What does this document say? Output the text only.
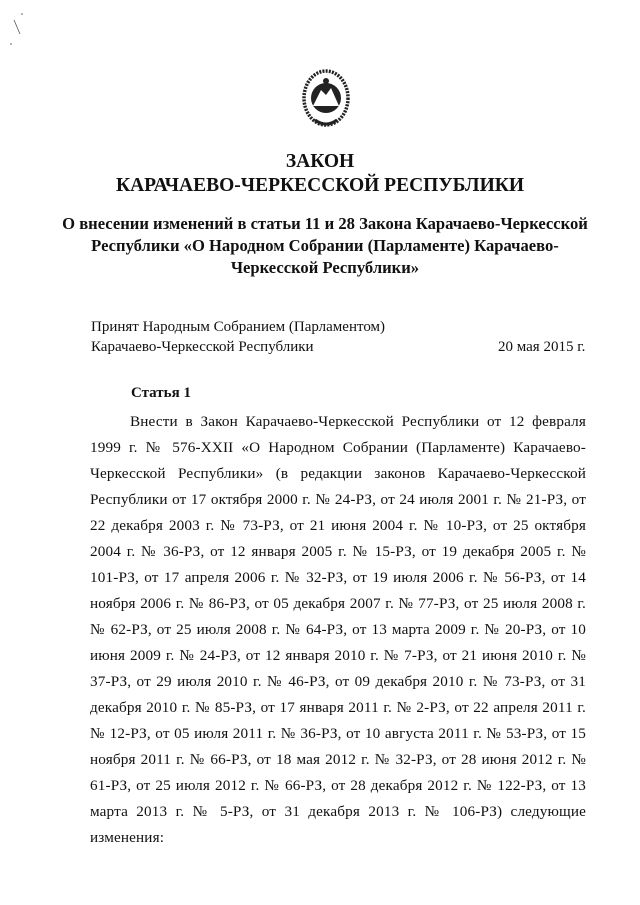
ЗАКОН
КАРАЧАЕВО-ЧЕРКЕССКОЙ РЕСПУБЛИКИ
О внесении изменений в статьи 11 и 28 Закона Карачаево-Черкесской Республики «О Народном Собрании (Парламенте) Карачаево-Черкесской Республики»
Принят Народным Собранием (Парламентом)
Карачаево-Черкесской Республики	20 мая 2015 г.
Статья 1

Внести в Закон Карачаево-Черкесской Республики от 12 февраля 1999 г. № 576-XXII «О Народном Собрании (Парламенте) Карачаево-Черкесской Республики» (в редакции законов Карачаево-Черкесской Республики от 17 октября 2000 г. № 24-РЗ, от 24 июля 2001 г. № 21-РЗ, от 22 декабря 2003 г. № 73-РЗ, от 21 июня 2004 г. № 10-РЗ, от 25 октября 2004 г. № 36-РЗ, от 12 января 2005 г. № 15-РЗ, от 19 декабря 2005 г. № 101-РЗ, от 17 апреля 2006 г. № 32-РЗ, от 19 июля 2006 г. № 56-РЗ, от 14 ноября 2006 г. № 86-РЗ, от 05 декабря 2007 г. № 77-РЗ, от 25 июля 2008 г. № 62-РЗ, от 25 июля 2008 г. № 64-РЗ, от 13 марта 2009 г. № 20-РЗ, от 10 июня 2009 г. № 24-РЗ, от 12 января 2010 г. № 7-РЗ, от 21 июня 2010 г. № 37-РЗ, от 29 июля 2010 г. № 46-РЗ, от 09 декабря 2010 г. № 73-РЗ, от 31 декабря 2010 г. № 85-РЗ, от 17 января 2011 г. № 2-РЗ, от 22 апреля 2011 г. № 12-РЗ, от 05 июля 2011 г. № 36-РЗ, от 10 августа 2011 г. № 53-РЗ, от 15 ноября 2011 г. № 66-РЗ, от 18 мая 2012 г. № 32-РЗ, от 28 июня 2012 г. № 61-РЗ, от 25 июля 2012 г. № 66-РЗ, от 28 декабря 2012 г. № 122-РЗ, от 13 марта 2013 г. № 5-РЗ, от 31 декабря 2013 г. № 106-РЗ) следующие изменения:
